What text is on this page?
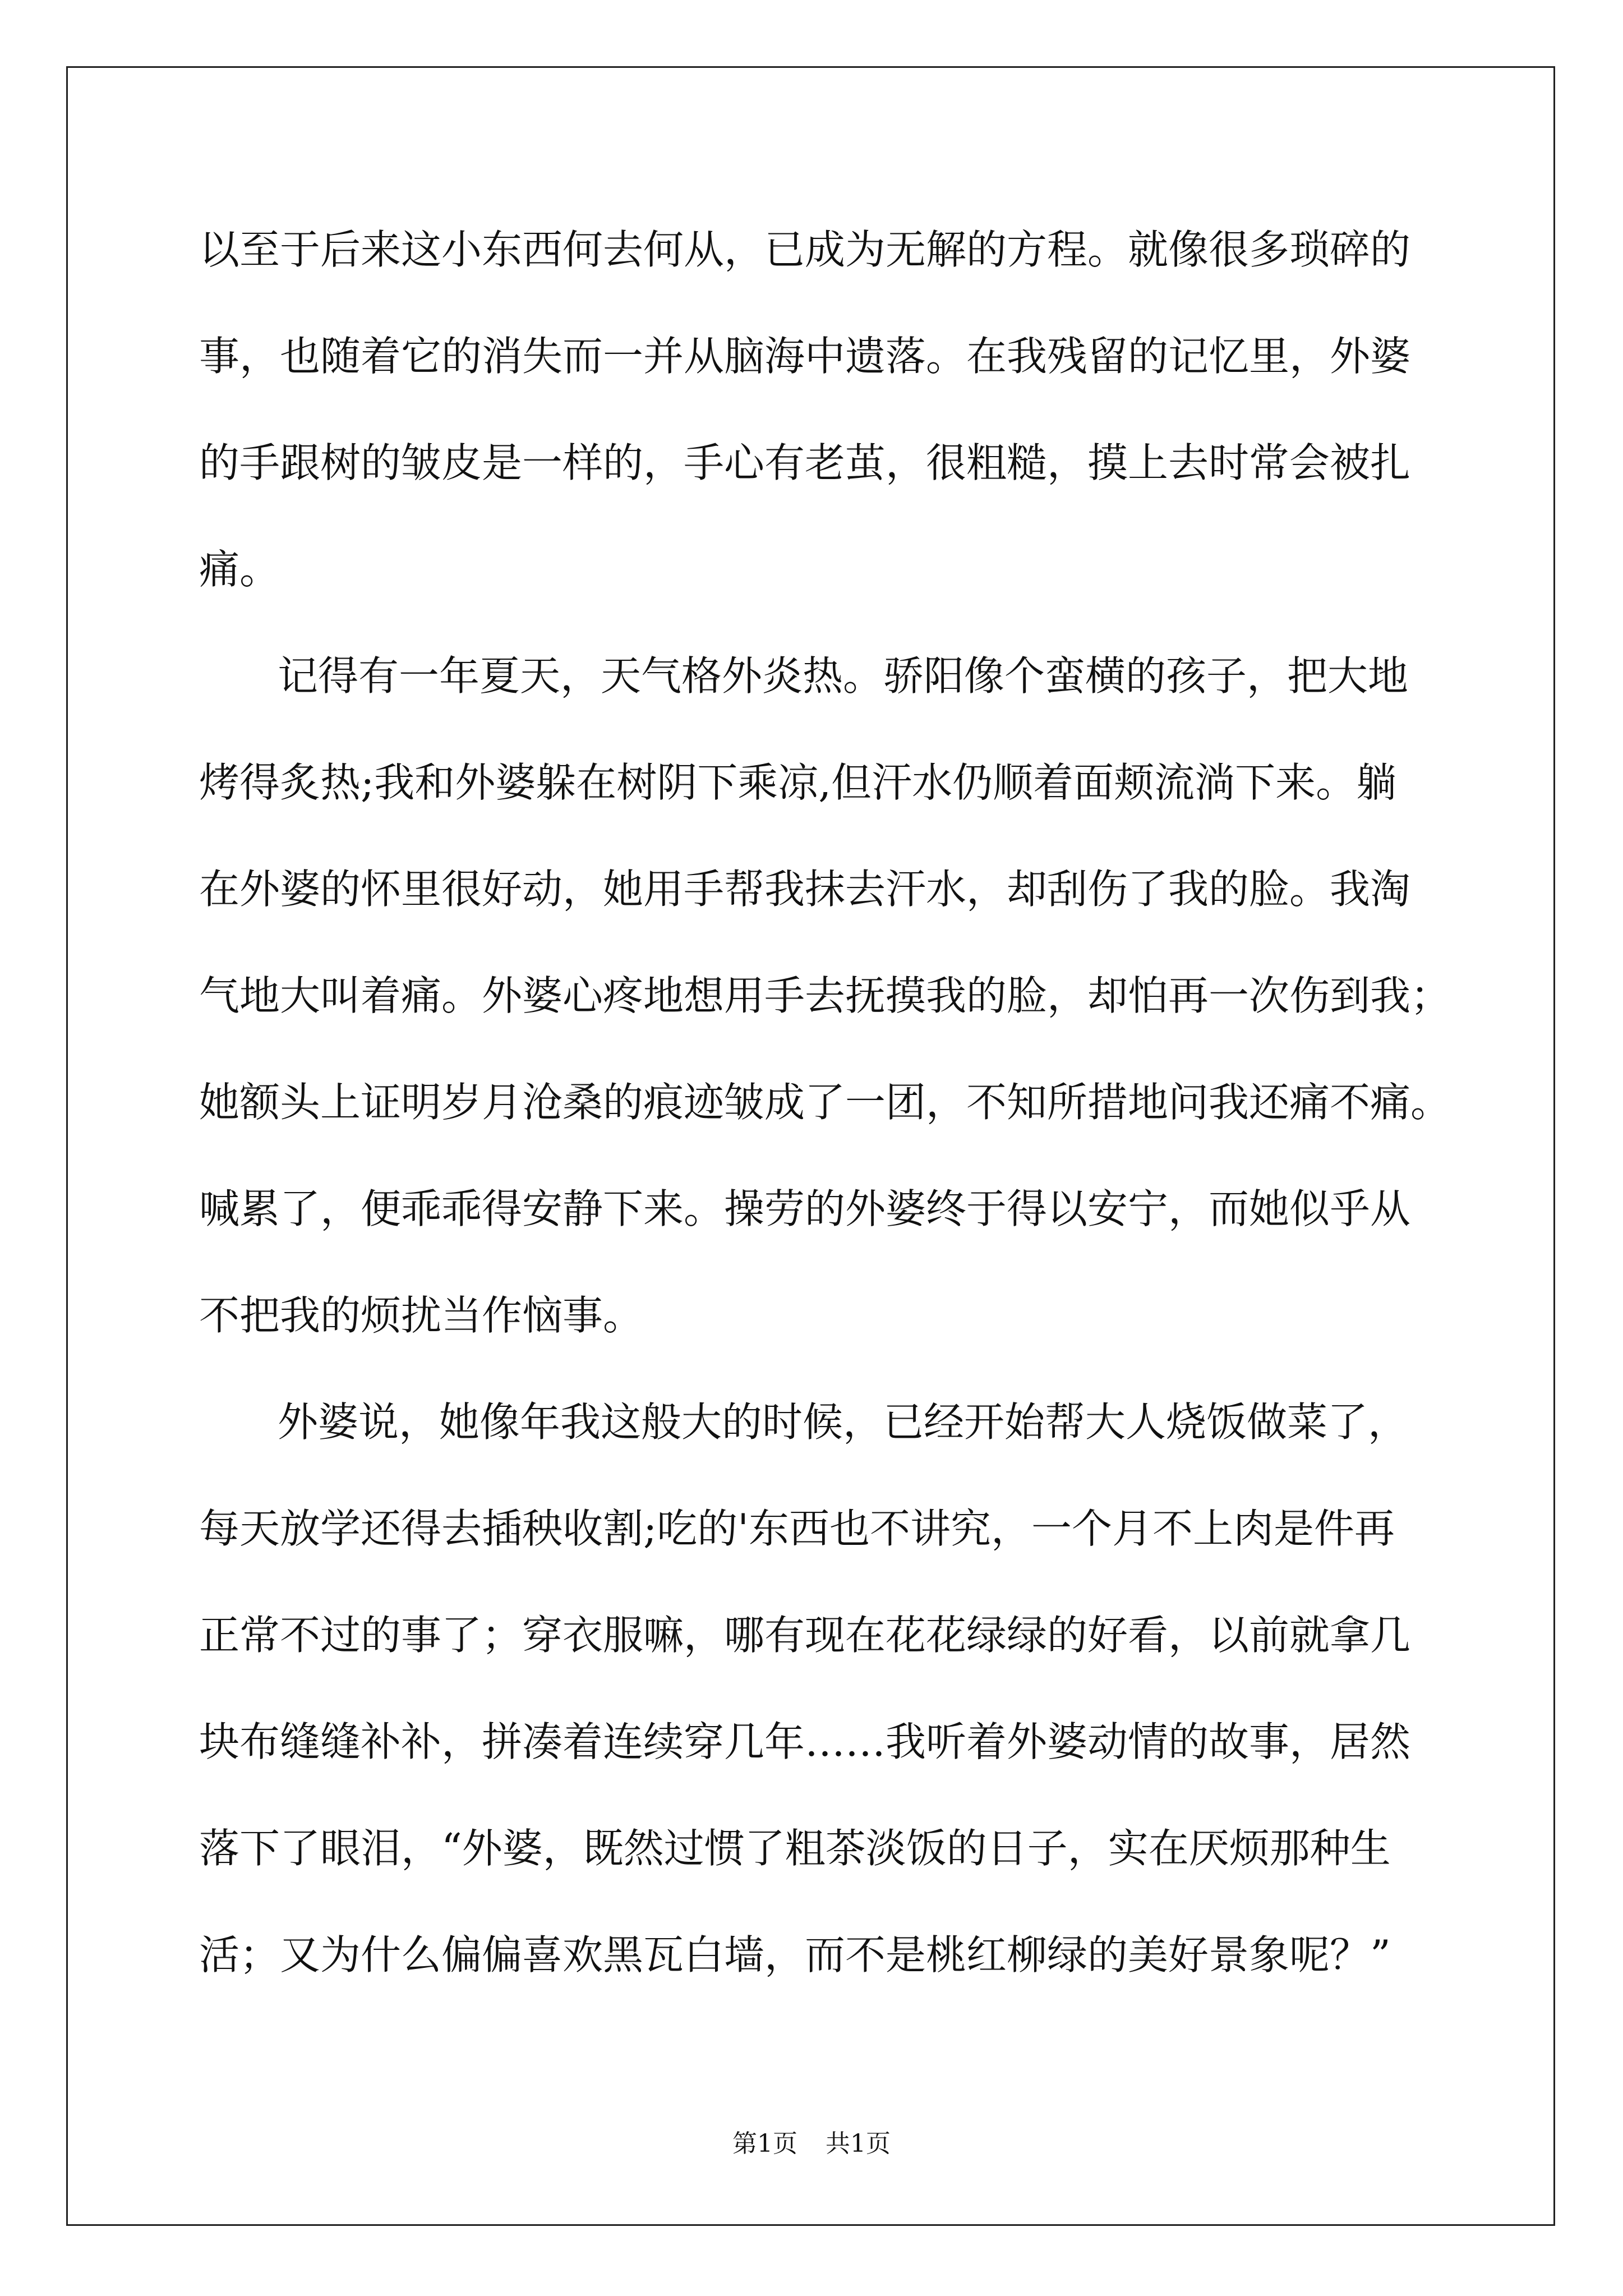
以至于后来这小东西何去何从，已成为无解的方程。就像很多琐碎的
事，也随着它的消失而一并从脑海中遗落。在我残留的记忆里，外婆
的手跟树的皱皮是一样的，手心有老茧，很粗糙，摸上去时常会被扎
痛。
记得有一年夏天，天气格外炎热。骄阳像个蛮横的孩子，把大地
烤得炙热;我和外婆躲在树阴下乘凉,但汗水仍顺着面颊流淌下来。躺
在外婆的怀里很好动，她用手帮我抹去汗水，却刮伤了我的脸。我淘
气地大叫着痛。外婆心疼地想用手去抚摸我的脸，却怕再一次伤到我；
她额头上证明岁月沧桑的痕迹皱成了一团，不知所措地问我还痛不痛。
喊累了，便乖乖得安静下来。操劳的外婆终于得以安宁，而她似乎从
不把我的烦扰当作恼事。
外婆说，她像年我这般大的时候，已经开始帮大人烧饭做菜了，
每天放学还得去插秧收割;吃的'东西也不讲究，一个月不上肉是件再
正常不过的事了；穿衣服嘛，哪有现在花花绿绿的好看，以前就拿几
块布缝缝补补，拼凑着连续穿几年……我听着外婆动情的故事，居然
落下了眼泪，“外婆，既然过惯了粗茶淡饭的日子，实在厌烦那种生
活；又为什么偏偏喜欢黑瓦白墙，而不是桃红柳绿的美好景象呢？”
第1页 共1页
